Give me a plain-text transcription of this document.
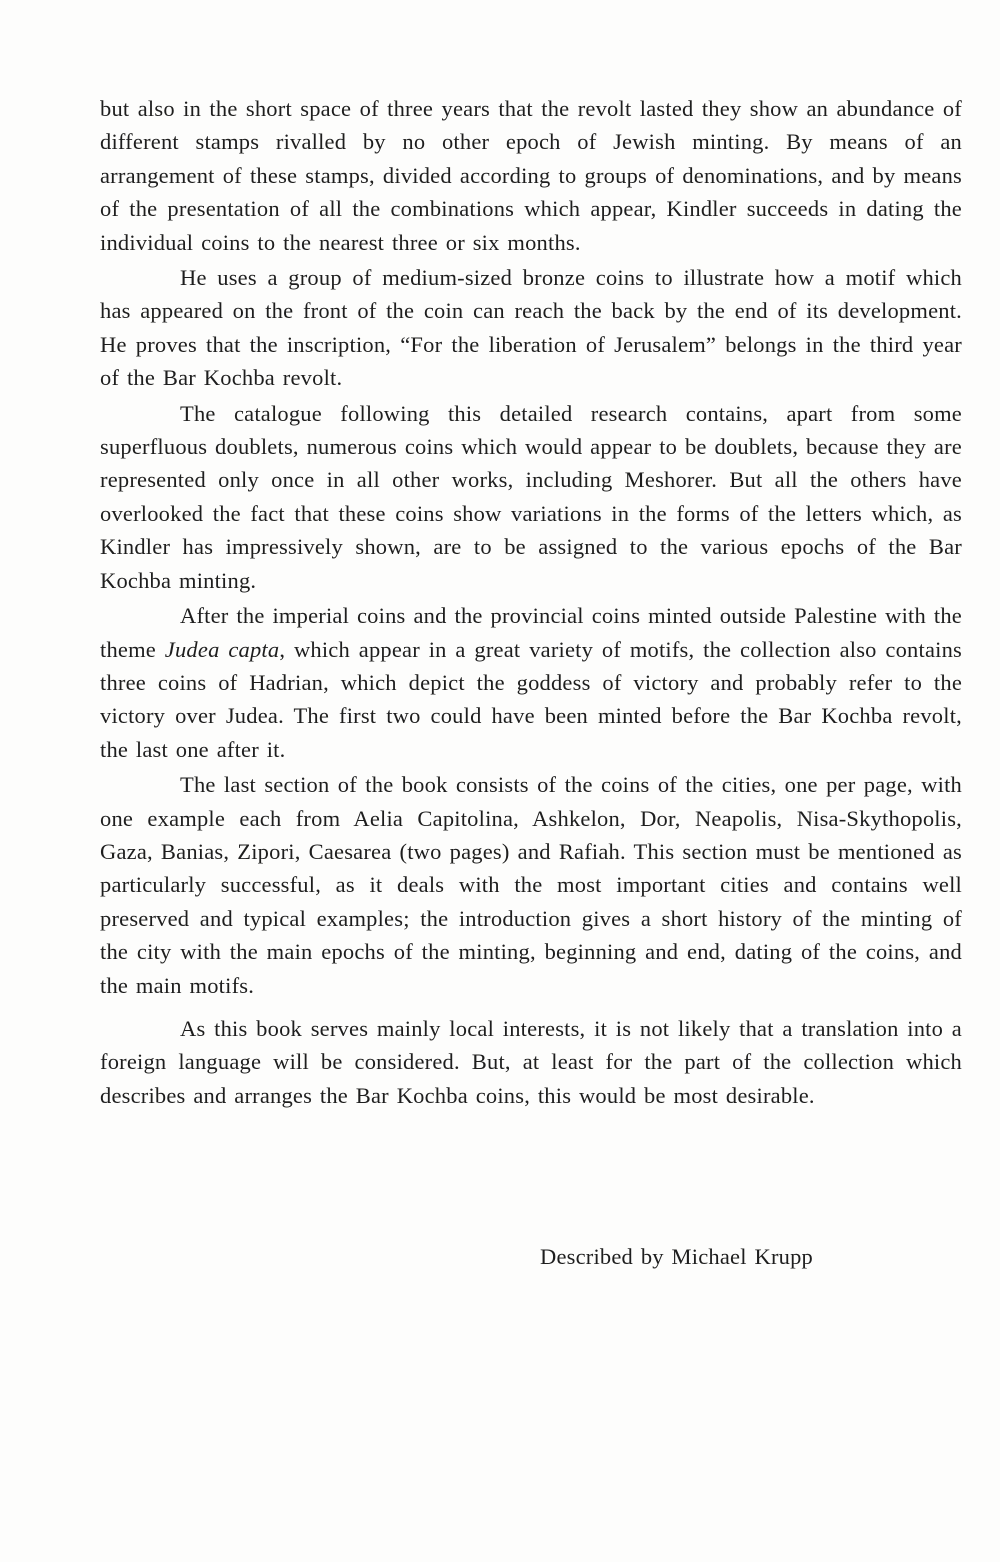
but also in the short space of three years that the revolt lasted they show an abundance of different stamps rivalled by no other epoch of Jewish minting. By means of an arrangement of these stamps, divided according to groups of denominations, and by means of the presentation of all the combinations which appear, Kindler succeeds in dating the individual coins to the nearest three or six months.

He uses a group of medium-sized bronze coins to illustrate how a motif which has appeared on the front of the coin can reach the back by the end of its development. He proves that the inscription, “For the liberation of Jerusalem” belongs in the third year of the Bar Kochba revolt.

The catalogue following this detailed research contains, apart from some superfluous doublets, numerous coins which would appear to be doublets, because they are represented only once in all other works, including Meshorer. But all the others have overlooked the fact that these coins show variations in the forms of the letters which, as Kindler has impressively shown, are to be assigned to the various epochs of the Bar Kochba minting.

After the imperial coins and the provincial coins minted outside Palestine with the theme Judea capta, which appear in a great variety of motifs, the collection also contains three coins of Hadrian, which depict the goddess of victory and probably refer to the victory over Judea. The first two could have been minted before the Bar Kochba revolt, the last one after it.

The last section of the book consists of the coins of the cities, one per page, with one example each from Aelia Capitolina, Ashkelon, Dor, Neapolis, Nisa-Skythopolis, Gaza, Banias, Zipori, Caesarea (two pages) and Rafiah. This section must be mentioned as particularly successful, as it deals with the most important cities and contains well preserved and typical examples; the introduction gives a short history of the minting of the city with the main epochs of the minting, beginning and end, dating of the coins, and the main motifs.

As this book serves mainly local interests, it is not likely that a translation into a foreign language will be considered. But, at least for the part of the collection which describes and arranges the Bar Kochba coins, this would be most desirable.

Described by Michael Krupp
